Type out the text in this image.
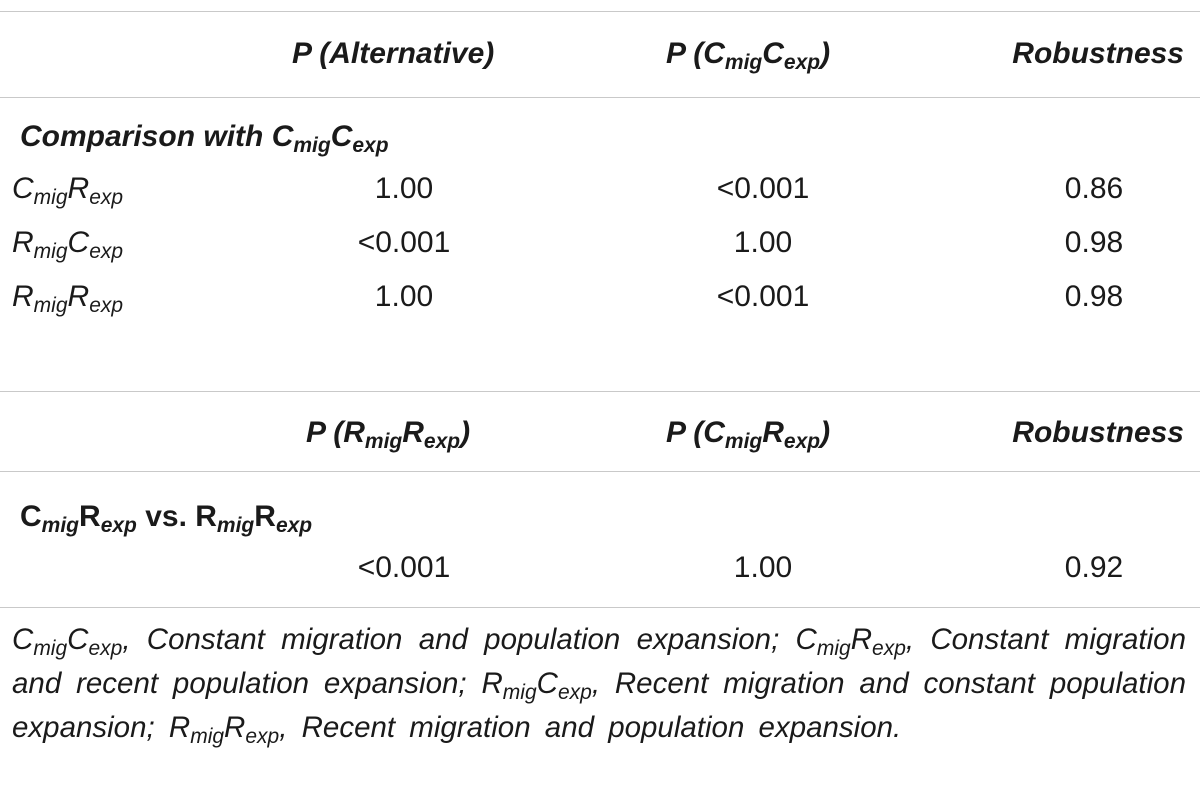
P (Alternative)	P $(C_{mig}C_{exp})$	Robustness
Comparison with $C_{mig}C_{exp}$
$C_{mig}R_{exp}$	1.00	<0.001	0.86
$R_{mig}C_{exp}$	<0.001	1.00	0.98
$R_{mig}R_{exp}$	1.00	<0.001	0.98
P $(R_{mig}R_{exp})$	P $(C_{mig}R_{exp})$	Robustness
$C_{mig}R_{exp}$ vs. $R_{mig}R_{exp}$
<0.001	1.00	0.92
$C_{mig}C_{exp}$, Constant migration and population expansion; $C_{mig}R_{exp}$, Constant migration and recent population expansion; $R_{mig}C_{exp}$, Recent migration and constant population expansion; $R_{mig}R_{exp}$, Recent migration and population expansion.
